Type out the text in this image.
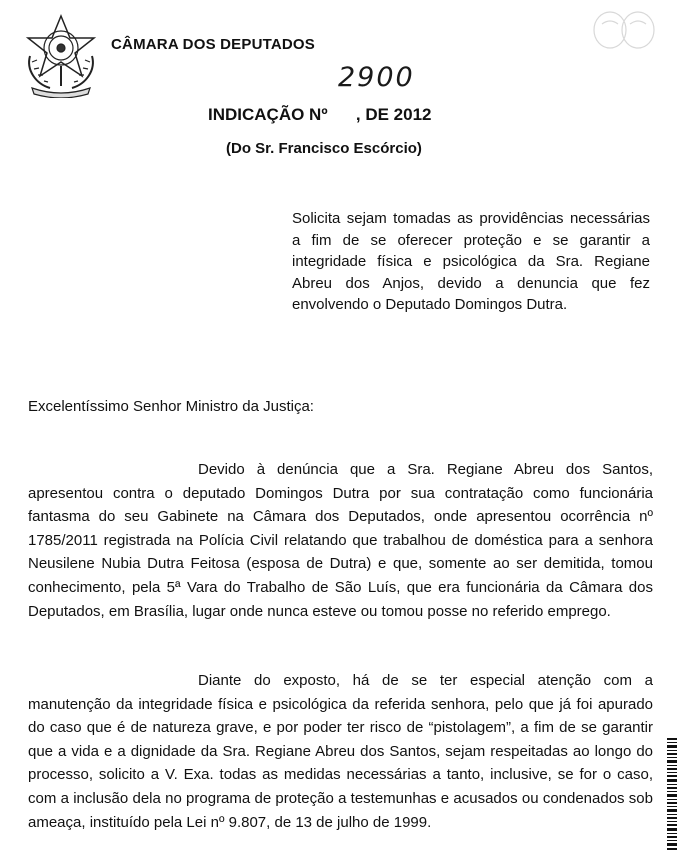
CÂMARA DOS DEPUTADOS
2900
INDICAÇÃO Nº      , DE 2012
(Do Sr. Francisco Escórcio)
Solicita sejam tomadas as providências necessárias a fim de se oferecer proteção e se garantir a integridade física e psicológica da Sra. Regiane Abreu dos Anjos, devido a denuncia que fez envolvendo o Deputado Domingos Dutra.
Excelentíssimo Senhor Ministro da Justiça:
Devido à denúncia que a Sra. Regiane Abreu dos Santos, apresentou contra o deputado Domingos Dutra por sua contratação como funcionária fantasma do seu Gabinete na Câmara dos Deputados, onde apresentou ocorrência nº 1785/2011 registrada na Polícia Civil relatando que trabalhou de doméstica para a senhora Neusilene Nubia Dutra Feitosa (esposa de Dutra) e que, somente ao ser demitida, tomou conhecimento, pela 5ª Vara do Trabalho de São Luís, que era funcionária da Câmara dos Deputados, em Brasília, lugar onde nunca esteve ou tomou posse no referido emprego.
Diante do exposto, há de se ter especial atenção com a manutenção da integridade física e psicológica da referida senhora, pelo que já foi apurado do caso que é de natureza grave, e por poder ter risco de “pistolagem”, a fim de se garantir que a vida e a dignidade da Sra. Regiane Abreu dos Santos, sejam respeitadas ao longo do processo, solicito a V. Exa. todas as medidas necessárias a tanto, inclusive, se for o caso, com a inclusão dela no programa de proteção a testemunhas e acusados ou condenados sob ameaça, instituído pela Lei nº 9.807, de 13 de julho de 1999.
